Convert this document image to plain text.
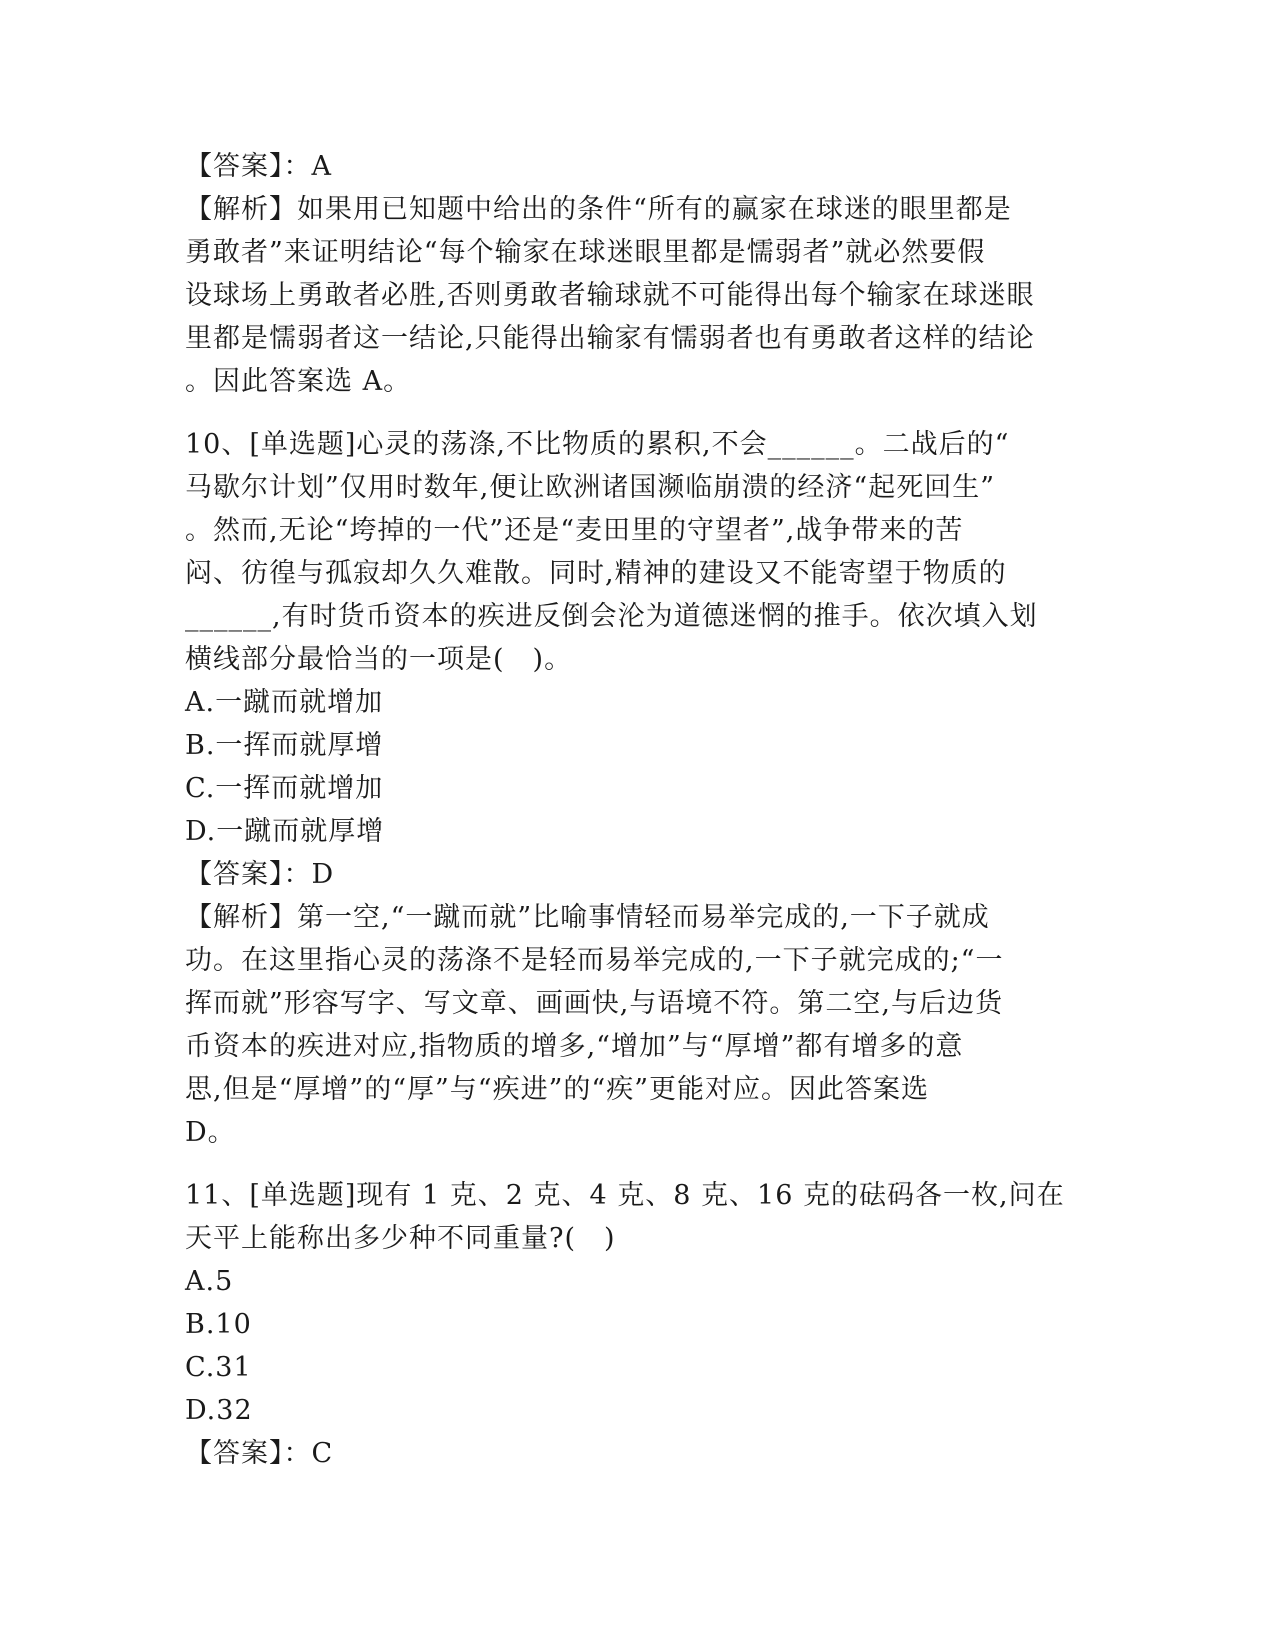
【答案】：A
【解析】如果用已知题中给出的条件“所有的赢家在球迷的眼里都是
勇敢者”来证明结论“每个输家在球迷眼里都是懦弱者”就必然要假
设球场上勇敢者必胜,否则勇敢者输球就不可能得出每个输家在球迷眼
里都是懦弱者这一结论,只能得出输家有懦弱者也有勇敢者这样的结论
。因此答案选 A。
10、[单选题]心灵的荡涤,不比物质的累积,不会______。二战后的“
马歇尔计划”仅用时数年,便让欧洲诸国濒临崩溃的经济“起死回生”
。然而,无论“垮掉的一代”还是“麦田里的守望者”,战争带来的苦
闷、彷徨与孤寂却久久难散。同时,精神的建设又不能寄望于物质的
______,有时货币资本的疾进反倒会沦为道德迷惘的推手。依次填入划
横线部分最恰当的一项是(　)。
A.一蹴而就增加
B.一挥而就厚增
C.一挥而就增加
D.一蹴而就厚增
【答案】：D
【解析】第一空,“一蹴而就”比喻事情轻而易举完成的,一下子就成
功。在这里指心灵的荡涤不是轻而易举完成的,一下子就完成的;“一
挥而就”形容写字、写文章、画画快,与语境不符。第二空,与后边货
币资本的疾进对应,指物质的增多,“增加”与“厚增”都有增多的意
思,但是“厚增”的“厚”与“疾进”的“疾”更能对应。因此答案选
D。
11、[单选题]现有 1 克、2 克、4 克、8 克、16 克的砝码各一枚,问在
天平上能称出多少种不同重量?(　)
A.5
B.10
C.31
D.32
【答案】：C
